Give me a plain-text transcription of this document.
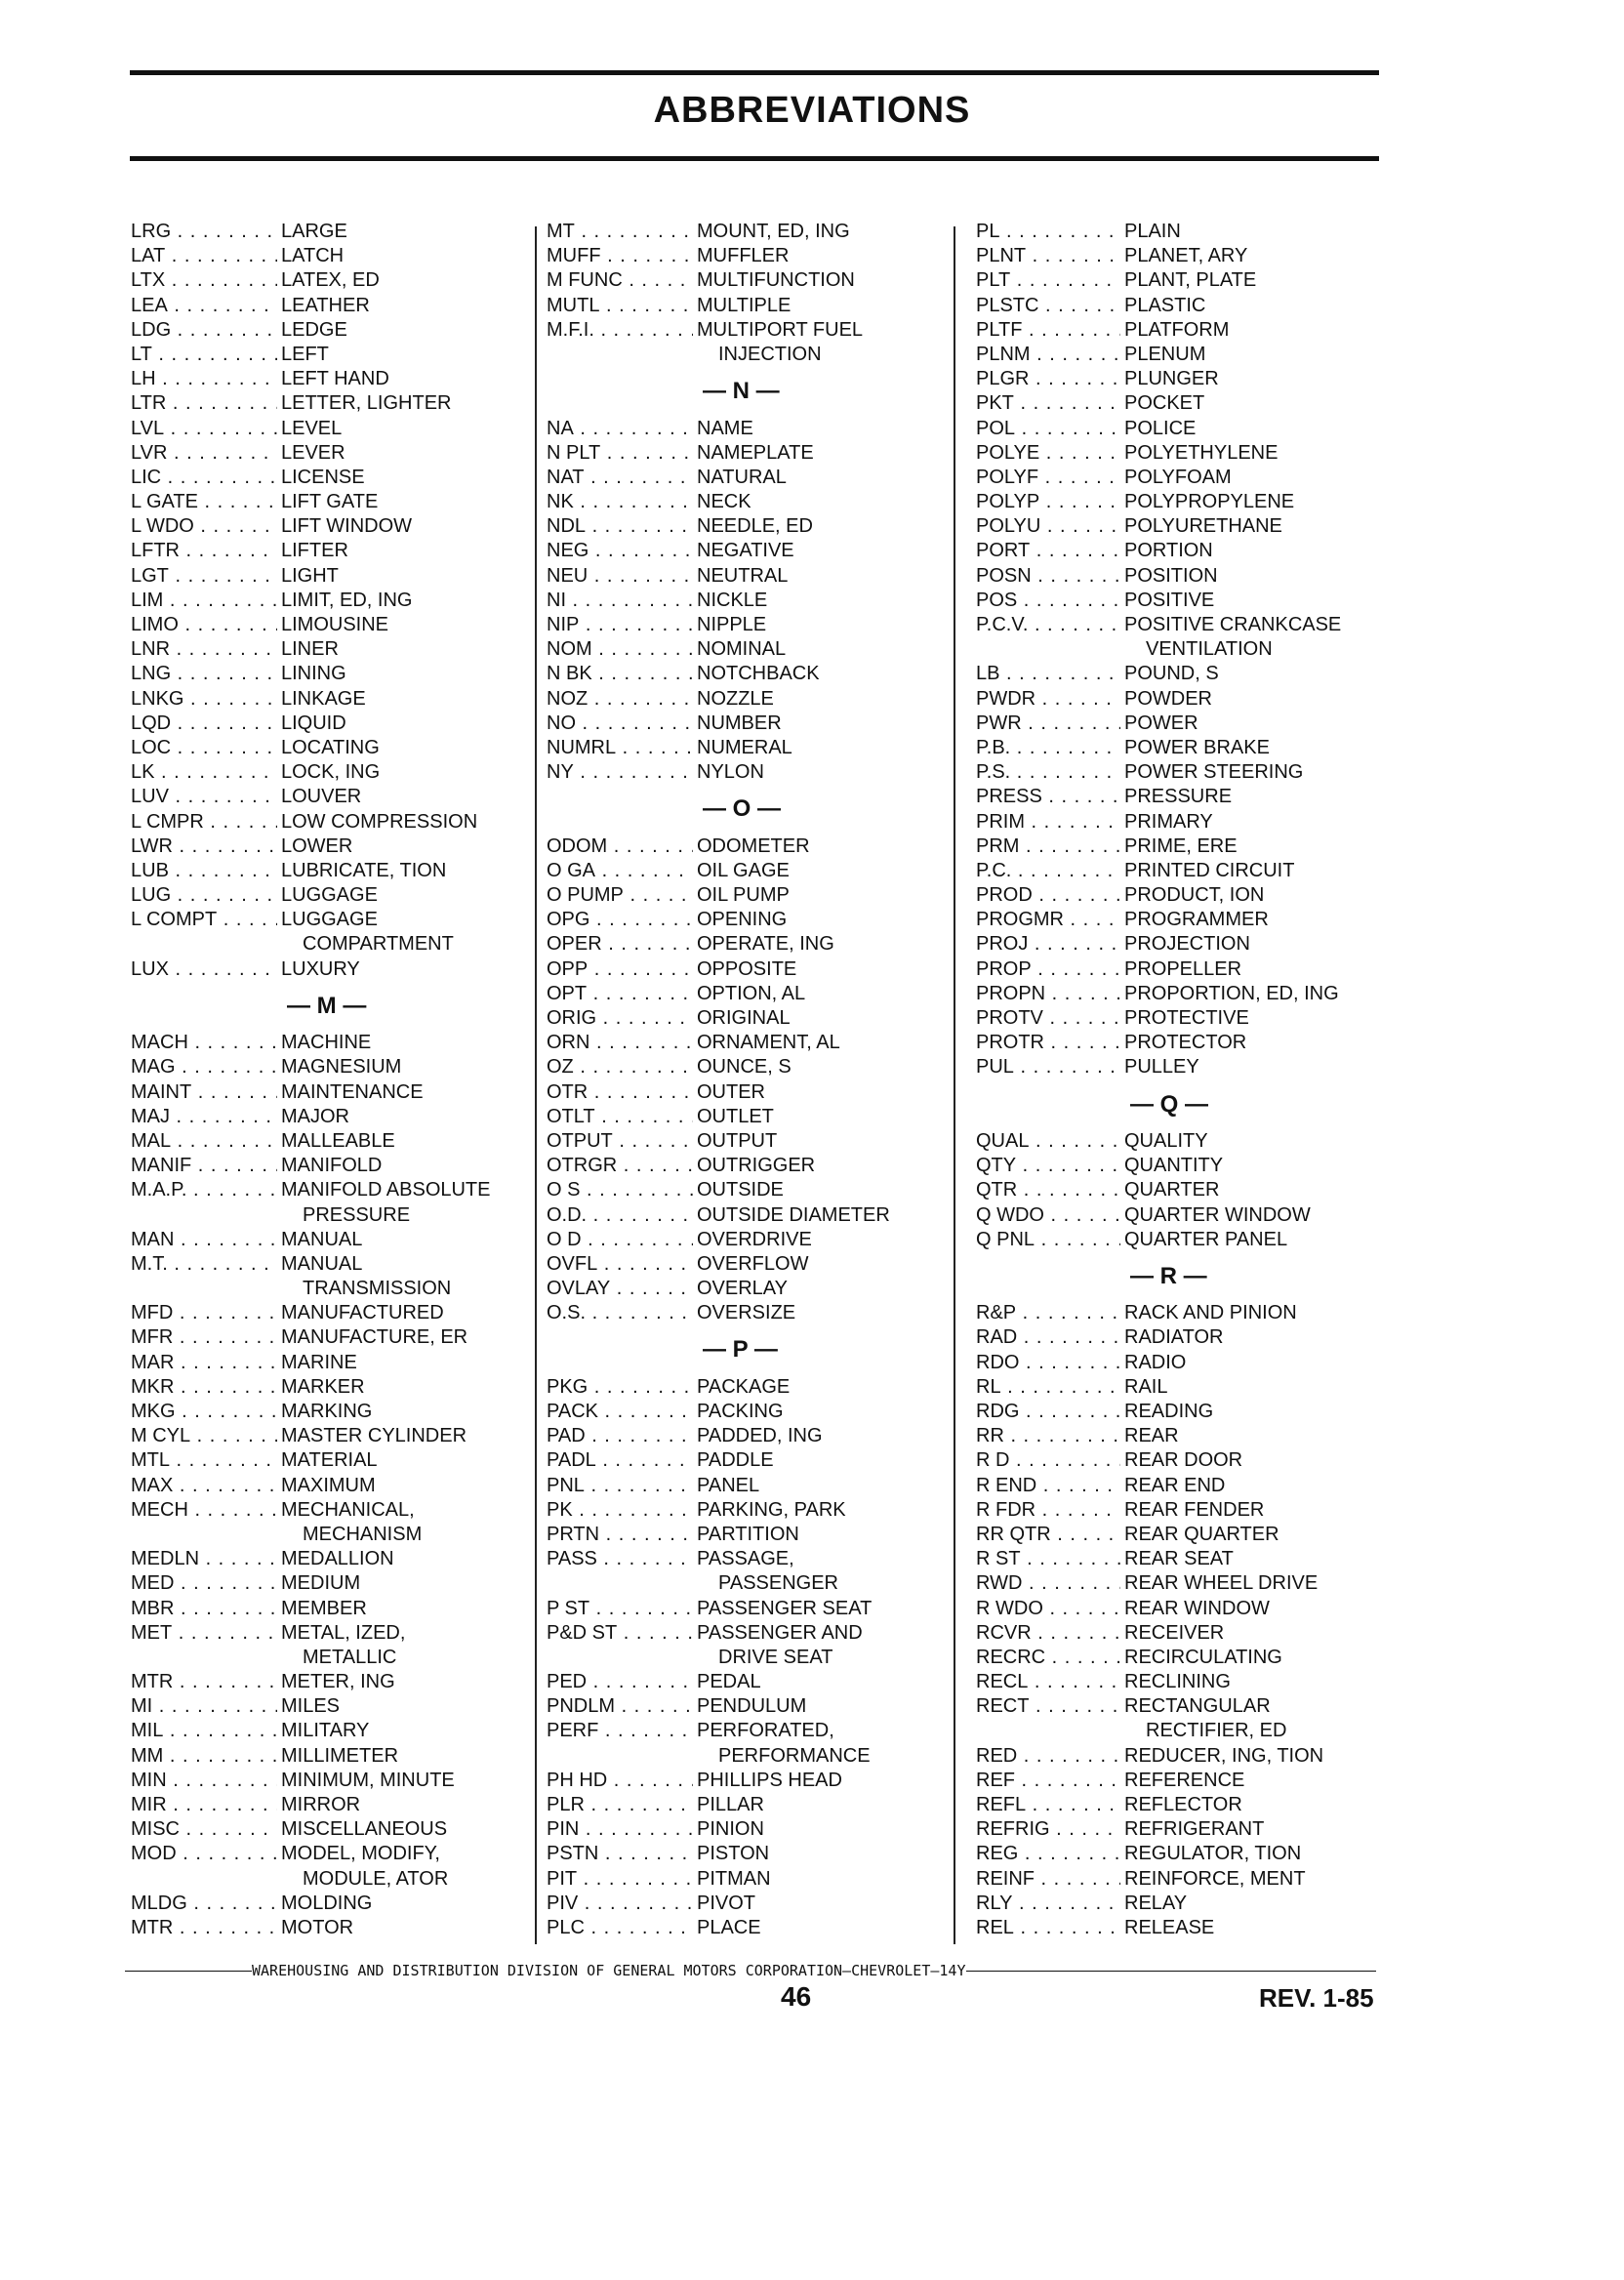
ABBREVIATIONS
LRG . . .	LARGE
LAT . . .	LATCH
LTX . . .	LATEX, ED
LEA . . .	LEATHER
LDG . . .	LEDGE
LT . . .	LEFT
LH . . .	LEFT HAND
LTR . . .	LETTER, LIGHTER
LVL . . .	LEVEL
LVR . . .	LEVER
LIC . . .	LICENSE
L GATE . . .	LIFT GATE
L WDO . . .	LIFT WINDOW
LFTR . . .	LIFTER
LGT . . .	LIGHT
LIM . . .	LIMIT, ED, ING
LIMO . . .	LIMOUSINE
LNR . . .	LINER
LNG . . .	LINING
LNKG . . .	LINKAGE
LQD . . .	LIQUID
LOC . . .	LOCATING
LK . . .	LOCK, ING
LUV . . .	LOUVER
L CMPR . . .	LOW COMPRESSION
LWR . . .	LOWER
LUB . . .	LUBRICATE, TION
LUG . . .	LUGGAGE
L COMPT . . .	LUGGAGE
COMPARTMENT
LUX . . .	LUXURY
— M —
MACH . . .	MACHINE
MAG . . .	MAGNESIUM
MAINT . . .	MAINTENANCE
MAJ . . .	MAJOR
MAL . . .	MALLEABLE
MANIF . . .	MANIFOLD
M.A.P. . . .	MANIFOLD ABSOLUTE
PRESSURE
MAN . . .	MANUAL
M.T. . . .	MANUAL
TRANSMISSION
MFD . . .	MANUFACTURED
MFR . . .	MANUFACTURE, ER
MAR . . .	MARINE
MKR . . .	MARKER
MKG . . .	MARKING
M CYL . . .	MASTER CYLINDER
MTL . . .	MATERIAL
MAX . . .	MAXIMUM
MECH . . .	MECHANICAL,
MECHANISM
MEDLN . . .	MEDALLION
MED . . .	MEDIUM
MBR . . .	MEMBER
MET . . .	METAL, IZED,
METALLIC
MTR . . .	METER, ING
MI . . .	MILES
MIL . . .	MILITARY
MM . . .	MILLIMETER
MIN . . .	MINIMUM, MINUTE
MIR . . .	MIRROR
MISC . . .	MISCELLANEOUS
MOD . . .	MODEL, MODIFY,
MODULE, ATOR
MLDG . . .	MOLDING
MTR . . .	MOTOR
MT . . .	MOUNT, ED, ING
MUFF . . .	MUFFLER
M FUNC . . .	MULTIFUNCTION
MUTL . . .	MULTIPLE
M.F.I. . . .	MULTIPORT FUEL
INJECTION
— N —
NA . . .	NAME
N PLT . . .	NAMEPLATE
NAT . . .	NATURAL
NK . . .	NECK
NDL . . .	NEEDLE, ED
NEG . . .	NEGATIVE
NEU . . .	NEUTRAL
NI . . .	NICKLE
NIP . . .	NIPPLE
NOM . . .	NOMINAL
N BK . . .	NOTCHBACK
NOZ . . .	NOZZLE
NO . . .	NUMBER
NUMRL . . .	NUMERAL
NY . . .	NYLON
— O —
ODOM . . .	ODOMETER
O GA . . .	OIL GAGE
O PUMP . . .	OIL PUMP
OPG . . .	OPENING
OPER . . .	OPERATE, ING
OPP . . .	OPPOSITE
OPT . . .	OPTION, AL
ORIG . . .	ORIGINAL
ORN . . .	ORNAMENT, AL
OZ . . .	OUNCE, S
OTR . . .	OUTER
OTLT . . .	OUTLET
OTPUT . . .	OUTPUT
OTRGR . . .	OUTRIGGER
O S . . .	OUTSIDE
O.D. . . .	OUTSIDE DIAMETER
O D . . .	OVERDRIVE
OVFL . . .	OVERFLOW
OVLAY . . .	OVERLAY
O.S. . . .	OVERSIZE
— P —
PKG . . .	PACKAGE
PACK . . .	PACKING
PAD . . .	PADDED, ING
PADL . . .	PADDLE
PNL . . .	PANEL
PK . . .	PARKING, PARK
PRTN . . .	PARTITION
PASS . . .	PASSAGE,
PASSENGER
P ST . . .	PASSENGER SEAT
P&D ST . . .	PASSENGER AND
DRIVE SEAT
PED . . .	PEDAL
PNDLM . . .	PENDULUM
PERF . . .	PERFORATED,
PERFORMANCE
PH HD . . .	PHILLIPS HEAD
PLR . . .	PILLAR
PIN . . .	PINION
PSTN . . .	PISTON
PIT . . .	PITMAN
PIV . . .	PIVOT
PLC . . .	PLACE
PL . . .	PLAIN
PLNT . . .	PLANET, ARY
PLT . . .	PLANT, PLATE
PLSTC . . .	PLASTIC
PLTF . . .	PLATFORM
PLNM . . .	PLENUM
PLGR . . .	PLUNGER
PKT . . .	POCKET
POL . . .	POLICE
POLYE . . .	POLYETHYLENE
POLYF . . .	POLYFOAM
POLYP . . .	POLYPROPYLENE
POLYU . . .	POLYURETHANE
PORT . . .	PORTION
POSN . . .	POSITION
POS . . .	POSITIVE
P.C.V. . . .	POSITIVE CRANKCASE
VENTILATION
LB . . .	POUND, S
PWDR . . .	POWDER
PWR . . .	POWER
P.B. . . .	POWER BRAKE
P.S. . . .	POWER STEERING
PRESS . . .	PRESSURE
PRIM . . .	PRIMARY
PRM . . .	PRIME, ERE
P.C. . . .	PRINTED CIRCUIT
PROD . . .	PRODUCT, ION
PROGMR . . .	PROGRAMMER
PROJ . . .	PROJECTION
PROP . . .	PROPELLER
PROPN . . .	PROPORTION, ED, ING
PROTV . . .	PROTECTIVE
PROTR . . .	PROTECTOR
PUL . . .	PULLEY
— Q —
QUAL . . .	QUALITY
QTY . . .	QUANTITY
QTR . . .	QUARTER
Q WDO . . .	QUARTER WINDOW
Q PNL . . .	QUARTER PANEL
— R —
R&P . . .	RACK AND PINION
RAD . . .	RADIATOR
RDO . . .	RADIO
RL . . .	RAIL
RDG . . .	READING
RR . . .	REAR
R D . . .	REAR DOOR
R END . . .	REAR END
R FDR . . .	REAR FENDER
RR QTR . . .	REAR QUARTER
R ST . . .	REAR SEAT
RWD . . .	REAR WHEEL DRIVE
R WDO . . .	REAR WINDOW
RCVR . . .	RECEIVER
RECRC . . .	RECIRCULATING
RECL . . .	RECLINING
RECT . . .	RECTANGULAR
RECTIFIER, ED
RED . . .	REDUCER, ING, TION
REF . . .	REFERENCE
REFL . . .	REFLECTOR
REFRIG . . .	REFRIGERANT
REG . . .	REGULATOR, TION
REINF . . .	REINFORCE, MENT
RLY . . .	RELAY
REL . . .	RELEASE
WAREHOUSING AND DISTRIBUTION DIVISION OF GENERAL MOTORS CORPORATION—CHEVROLET—14Y
46	REV. 1-85
